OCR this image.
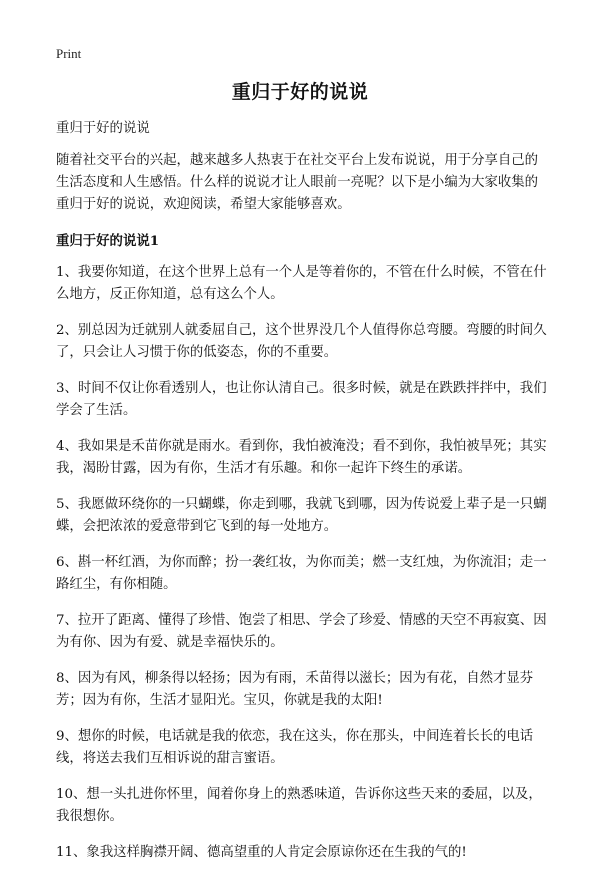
Print
重归于好的说说

重归于好的说说

随着社交平台的兴起，越来越多人热衷于在社交平台上发布说说，用于分享自己的生活态度和人生感悟。什么样的说说才让人眼前一亮呢？以下是小编为大家收集的重归于好的说说，欢迎阅读，希望大家能够喜欢。

重归于好的说说1

1、我要你知道，在这个世界上总有一个人是等着你的，不管在什么时候，不管在什么地方，反正你知道，总有这么个人。

2、别总因为迁就别人就委屈自己，这个世界没几个人值得你总弯腰。弯腰的时间久了，只会让人习惯于你的低姿态，你的不重要。

3、时间不仅让你看透别人，也让你认清自己。很多时候，就是在跌跌拌拌中，我们学会了生活。

4、我如果是禾苗你就是雨水。看到你，我怕被淹没；看不到你，我怕被旱死；其实我，渴盼甘露，因为有你，生活才有乐趣。和你一起许下终生的承诺。

5、我愿做环绕你的一只蝴蝶，你走到哪，我就飞到哪，因为传说爱上辈子是一只蝴蝶，会把浓浓的爱意带到它飞到的每一处地方。

6、斟一杯红酒，为你而醉；扮一袭红妆，为你而美；燃一支红烛，为你流泪；走一路红尘，有你相随。

7、拉开了距离、懂得了珍惜、饱尝了相思、学会了珍爱、情感的天空不再寂寞、因为有你、因为有爱、就是幸福快乐的。

8、因为有风，柳条得以轻扬；因为有雨，禾苗得以滋长；因为有花，自然才显芬芳；因为有你，生活才显阳光。宝贝，你就是我的太阳!

9、想你的时候，电话就是我的依恋，我在这头，你在那头，中间连着长长的电话线，将送去我们互相诉说的甜言蜜语。

10、想一头扎进你怀里，闻着你身上的熟悉味道，告诉你这些天来的委屈，以及，我很想你。

11、象我这样胸襟开阔、德高望重的人肯定会原谅你还在生我的气的!
